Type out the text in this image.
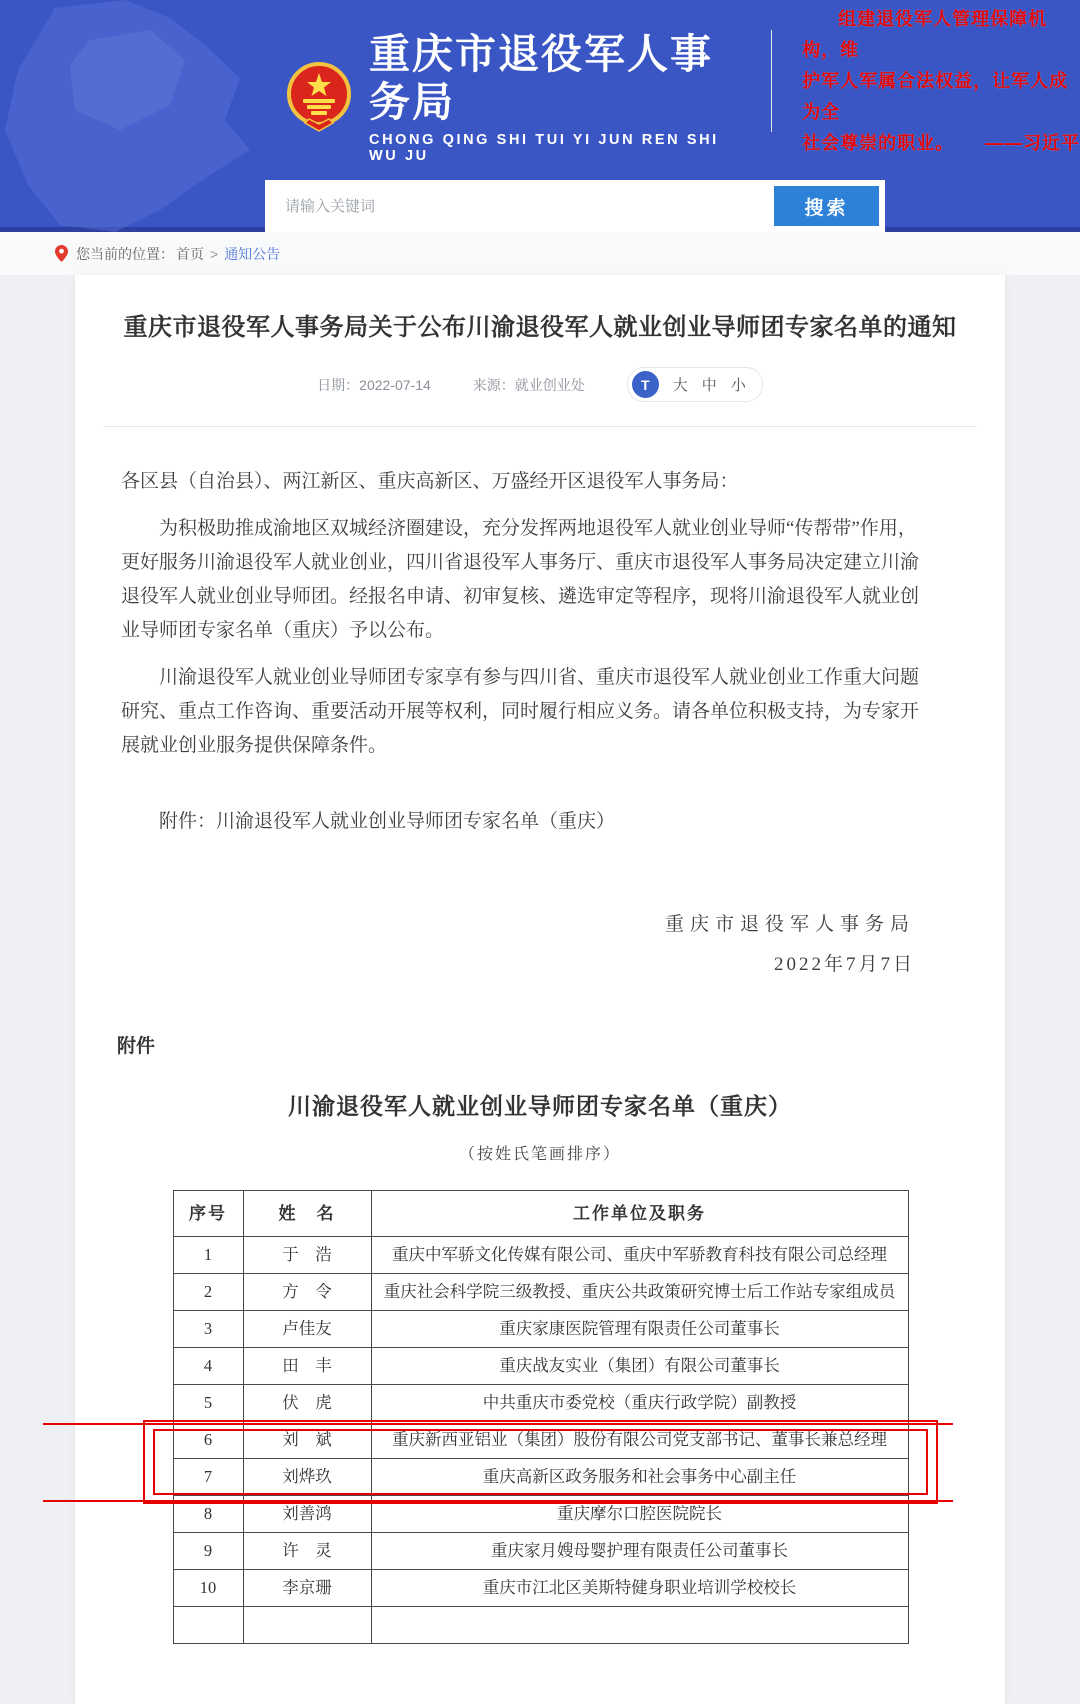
重庆市退役军人事务局
CHONG QING SHI TUI YI JUN REN SHI WU JU
组建退役军人管理保障机构，维
护军人军属合法权益，让军人成为全
社会尊崇的职业。 ——习近平
请输入关键词
搜索
您当前的位置： 首页 > 通知公告
重庆市退役军人事务局关于公布川渝退役军人就业创业导师团专家名单的通知
日期：2022-07-14	来源：就业创业处	T	大 中 小

各区县（自治县）、两江新区、重庆高新区、万盛经开区退役军人事务局：

为积极助推成渝地区双城经济圈建设，充分发挥两地退役军人就业创业导师“传帮带”作用，更好服务川渝退役军人就业创业，四川省退役军人事务厅、重庆市退役军人事务局决定建立川渝退役军人就业创业导师团。经报名申请、初审复核、遴选审定等程序，现将川渝退役军人就业创业导师团专家名单（重庆）予以公布。

川渝退役军人就业创业导师团专家享有参与四川省、重庆市退役军人就业创业工作重大问题研究、重点工作咨询、重要活动开展等权利，同时履行相应义务。请各单位积极支持，为专家开展就业创业服务提供保障条件。

附件：川渝退役军人就业创业导师团专家名单（重庆）

重庆市退役军人事务局
2022年7月7日
附件
川渝退役军人就业创业导师团专家名单（重庆）
（按姓氏笔画排序）
序号	姓　名	工作单位及职务
1	于　浩	重庆中军骄文化传媒有限公司、重庆中军骄教育科技有限公司总经理
2	方　令	重庆社会科学院三级教授、重庆公共政策研究博士后工作站专家组成员
3	卢佳友	重庆家康医院管理有限责任公司董事长
4	田　丰	重庆战友实业（集团）有限公司董事长
5	伏　虎	中共重庆市委党校（重庆行政学院）副教授
6	刘　斌	重庆新西亚铝业（集团）股份有限公司党支部书记、董事长兼总经理
7	刘烨玖	重庆高新区政务服务和社会事务中心副主任
8	刘善鸿	重庆摩尔口腔医院院长
9	许　灵	重庆家月嫂母婴护理有限责任公司董事长
10	李京珊	重庆市江北区美斯特健身职业培训学校校长
